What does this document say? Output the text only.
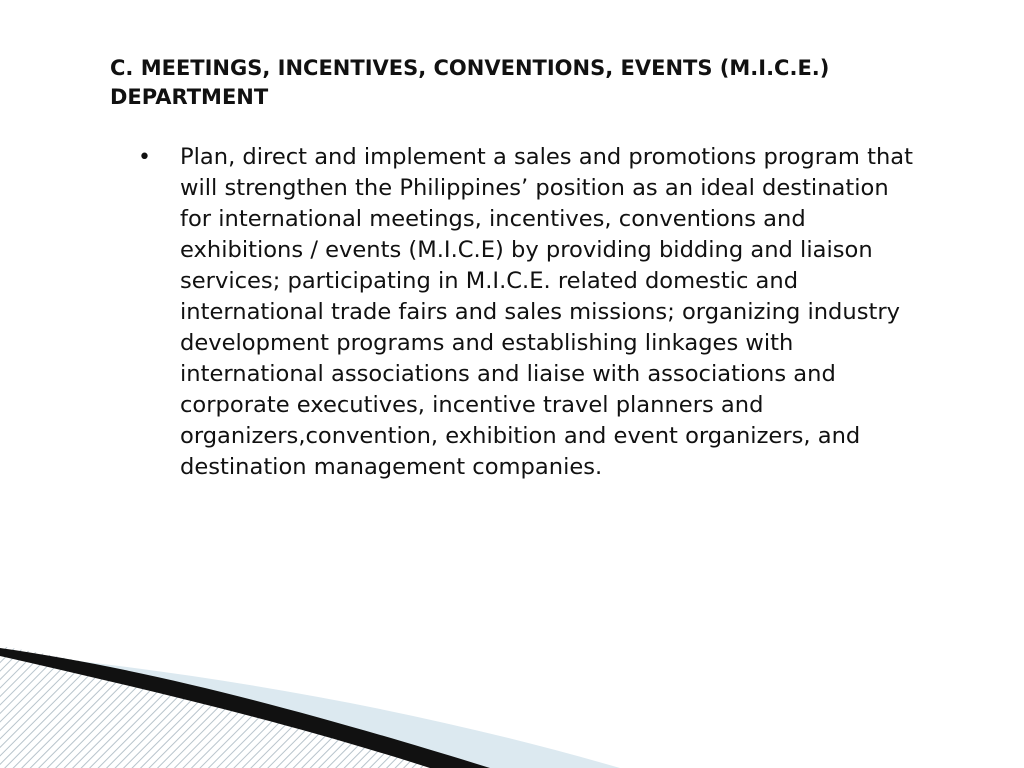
C. MEETINGS, INCENTIVES, CONVENTIONS, EVENTS (M.I.C.E.) DEPARTMENT
•	Plan, direct and implement a sales and promotions program that will strengthen the Philippines’ position as an ideal destination for international meetings, incentives, conventions and exhibitions / events (M.I.C.E) by providing bidding and liaison services; participating in M.I.C.E. related domestic and international trade fairs and sales missions; organizing industry development programs and establishing linkages with international associations and liaise with associations and corporate executives, incentive travel planners and organizers,convention, exhibition and event organizers, and destination management companies.
